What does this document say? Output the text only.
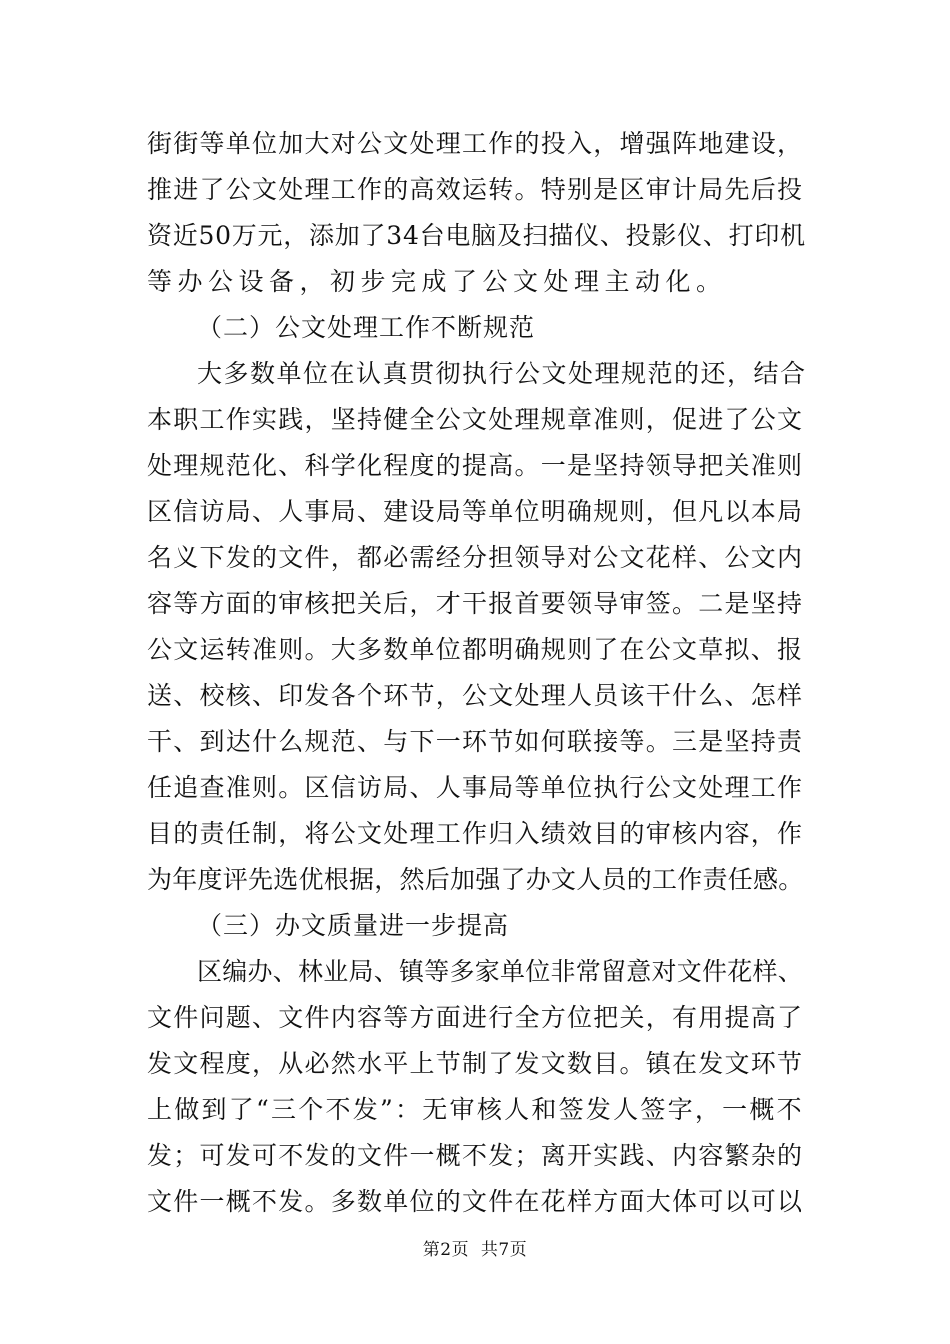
街街等单位加大对公文处理工作的投入，增强阵地建设，

推进了公文处理工作的高效运转。特别是区审计局先后投

资近50万元，添加了34台电脑及扫描仪、投影仪、打印机

等办公设备，初步完成了公文处理主动化。

（二）公文处理工作不断规范

大多数单位在认真贯彻执行公文处理规范的还，结合

本职工作实践，坚持健全公文处理规章准则，促进了公文

处理规范化、科学化程度的提高。一是坚持领导把关准则

区信访局、人事局、建设局等单位明确规则，但凡以本局

名义下发的文件，都必需经分担领导对公文花样、公文内

容等方面的审核把关后，才干报首要领导审签。二是坚持

公文运转准则。大多数单位都明确规则了在公文草拟、报

送、校核、印发各个环节，公文处理人员该干什么、怎样

干、到达什么规范、与下一环节如何联接等。三是坚持责

任追查准则。区信访局、人事局等单位执行公文处理工作

目的责任制，将公文处理工作归入绩效目的审核内容，作

为年度评先选优根据，然后加强了办文人员的工作责任感。

（三）办文质量进一步提高

区编办、林业局、镇等多家单位非常留意对文件花样、

文件问题、文件内容等方面进行全方位把关，有用提高了

发文程度，从必然水平上节制了发文数目。镇在发文环节

上做到了“三个不发”：无审核人和签发人签字，一概不

发；可发可不发的文件一概不发；离开实践、内容繁杂的

文件一概不发。多数单位的文件在花样方面大体可以可以

第2页  共7页
